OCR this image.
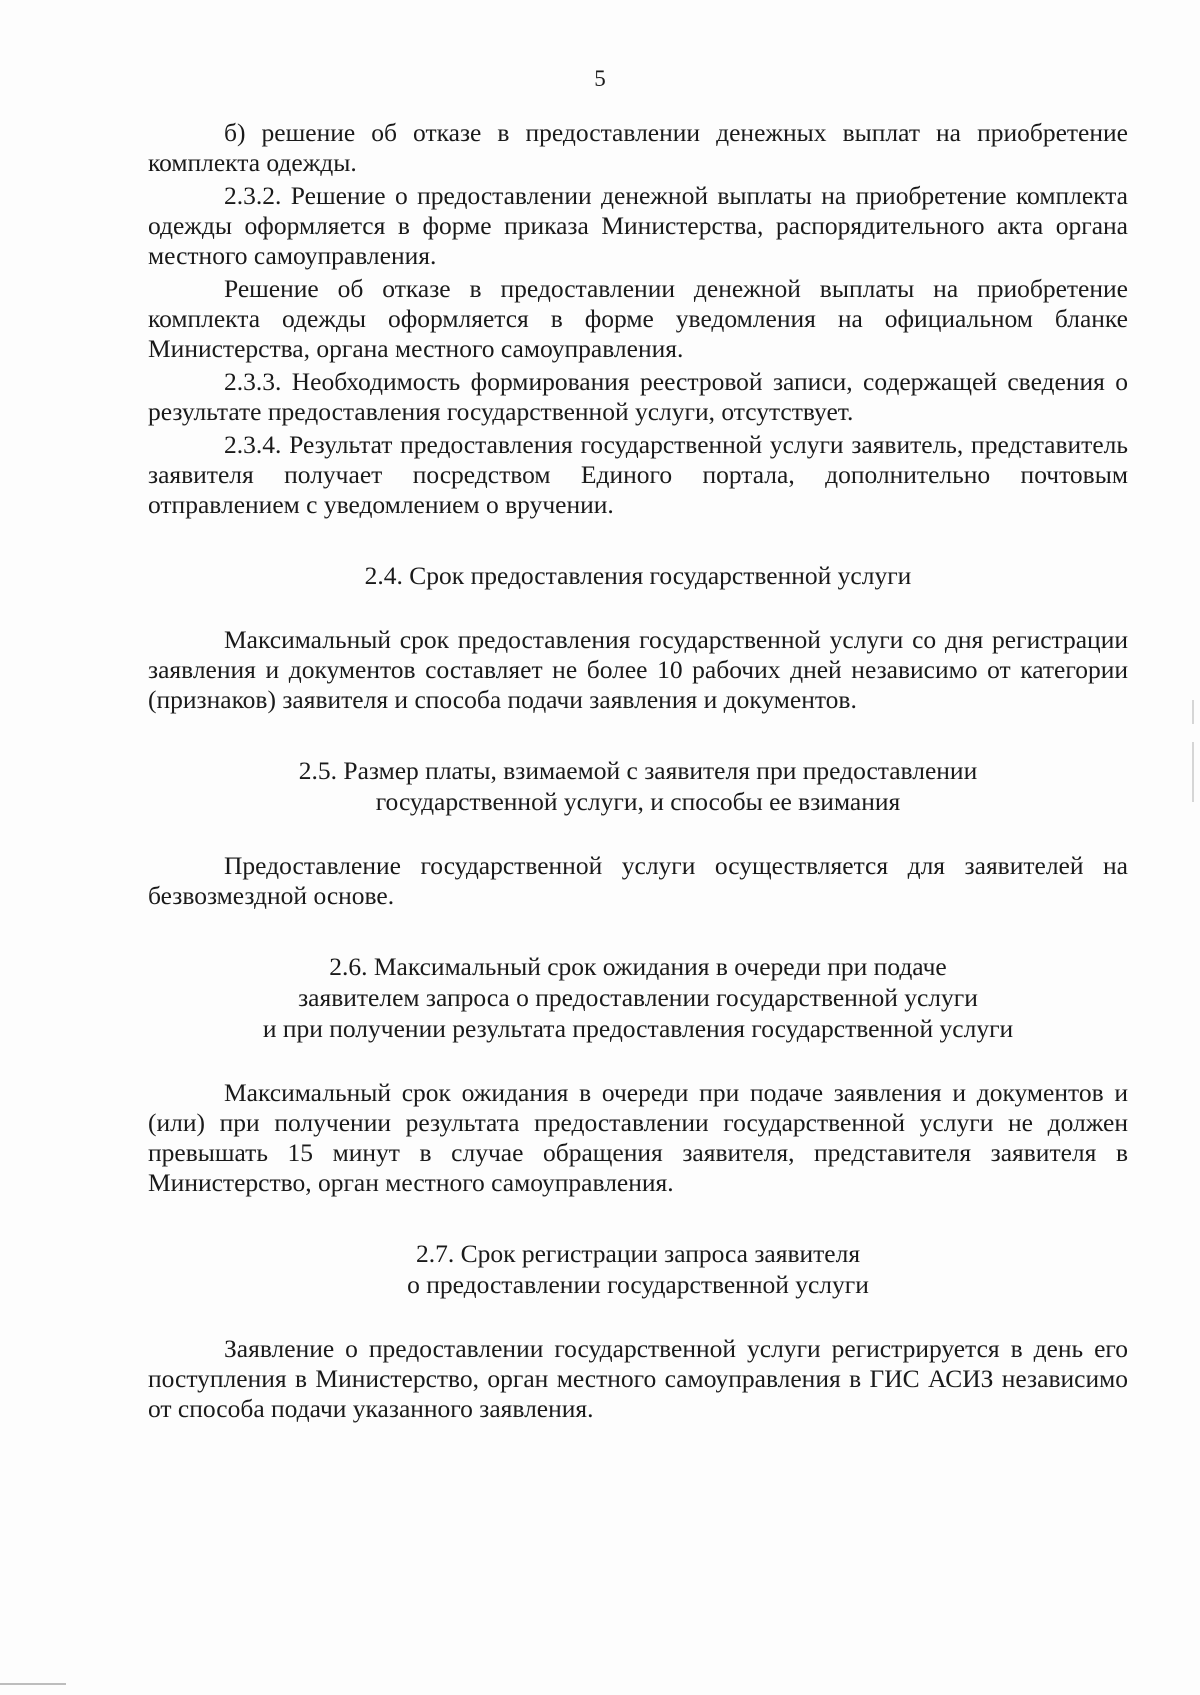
5

б) решение об отказе в предоставлении денежных выплат на приобретение комплекта одежды.

2.3.2. Решение о предоставлении денежной выплаты на приобретение комплекта одежды оформляется в форме приказа Министерства, распорядительного акта органа местного самоуправления.

Решение об отказе в предоставлении денежной выплаты на приобретение комплекта одежды оформляется в форме уведомления на официальном бланке Министерства, органа местного самоуправления.

2.3.3. Необходимость формирования реестровой записи, содержащей сведения о результате предоставления государственной услуги, отсутствует.

2.3.4. Результат предоставления государственной услуги заявитель, представитель заявителя получает посредством Единого портала, дополнительно почтовым отправлением с уведомлением о вручении.

2.4. Срок предоставления государственной услуги

Максимальный срок предоставления государственной услуги со дня регистрации заявления и документов составляет не более 10 рабочих дней независимо от категории (признаков) заявителя и способа подачи заявления и документов.

2.5. Размер платы, взимаемой с заявителя при предоставлении

государственной услуги, и способы ее взимания

Предоставление государственной услуги осуществляется для заявителей на безвозмездной основе.

2.6. Максимальный срок ожидания в очереди при подаче

заявителем запроса о предоставлении государственной услуги

и при получении результата предоставления государственной услуги

Максимальный срок ожидания в очереди при подаче заявления и документов и (или) при получении результата предоставлении государственной услуги не должен превышать 15 минут в случае обращения заявителя, представителя заявителя в Министерство, орган местного самоуправления.

2.7. Срок регистрации запроса заявителя

о предоставлении государственной услуги

Заявление о предоставлении государственной услуги регистрируется в день его поступления в Министерство, орган местного самоуправления в ГИС АСИЗ независимо от способа подачи указанного заявления.
